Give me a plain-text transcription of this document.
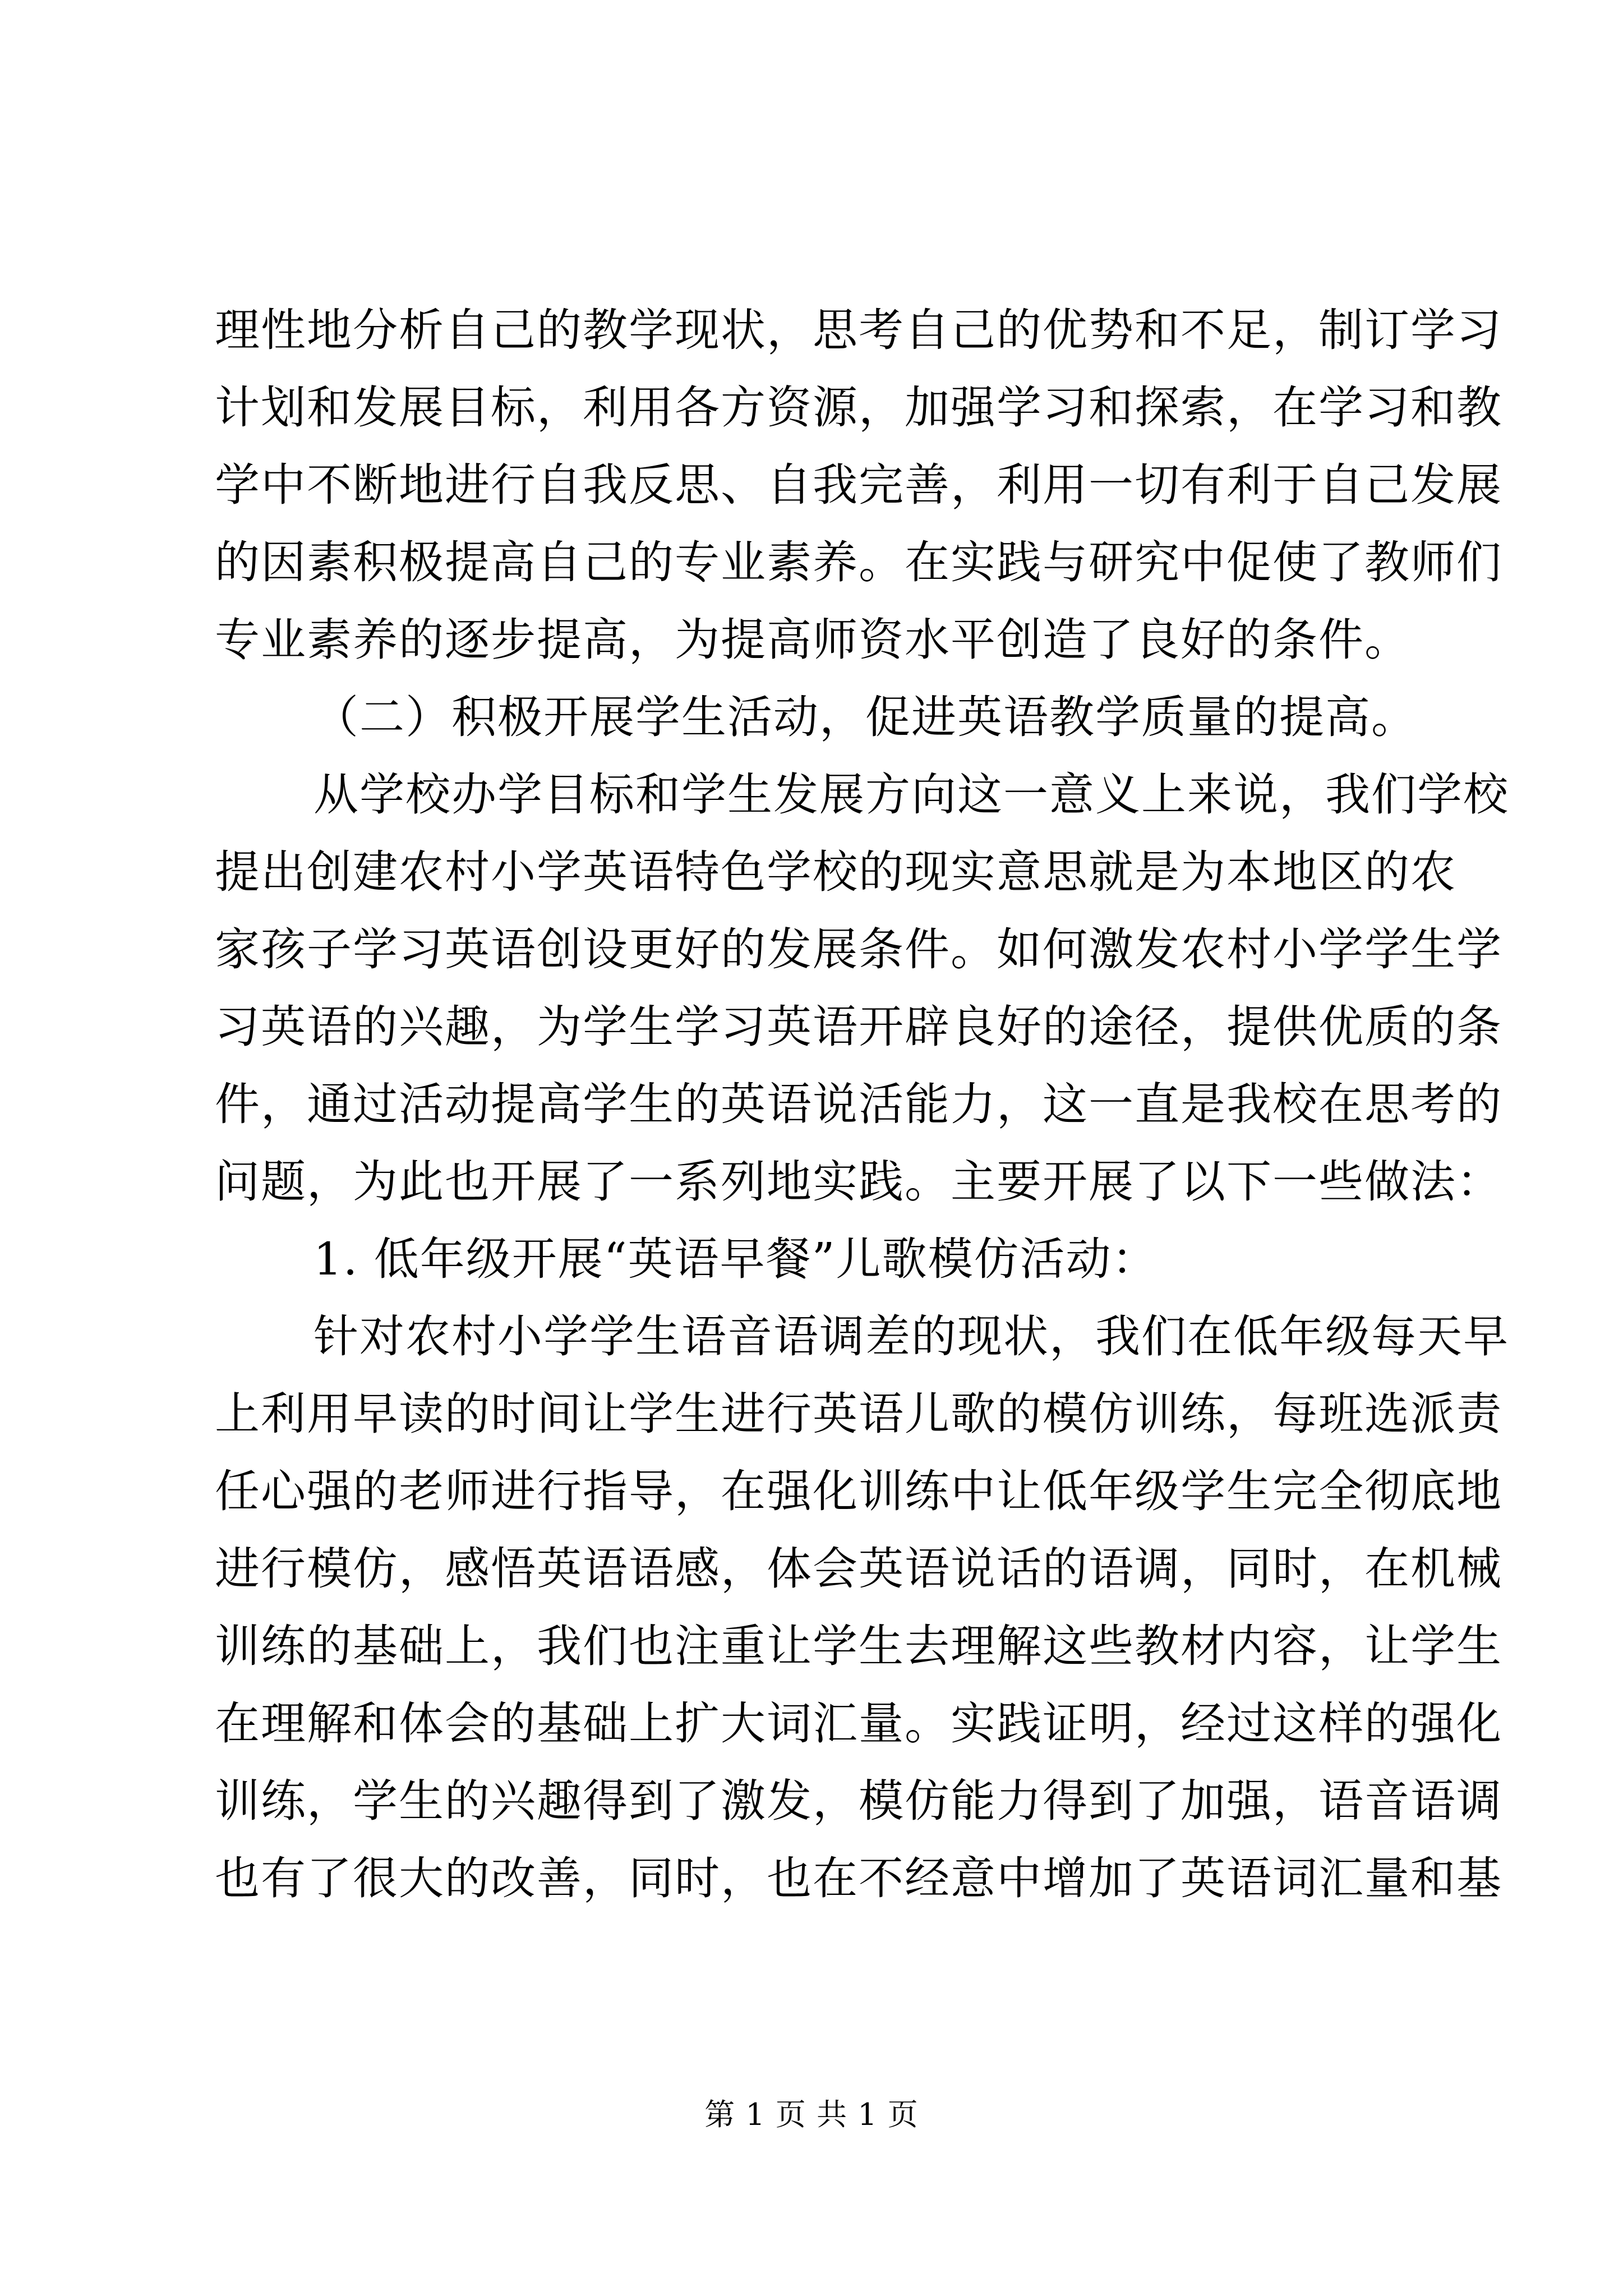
理性地分析自己的教学现状，思考自己的优势和不足，制订学习
计划和发展目标，利用各方资源，加强学习和探索，在学习和教
学中不断地进行自我反思、自我完善，利用一切有利于自己发展
的因素积极提高自己的专业素养。在实践与研究中促使了教师们
专业素养的逐步提高，为提高师资水平创造了良好的条件。
（二）积极开展学生活动，促进英语教学质量的提高。
从学校办学目标和学生发展方向这一意义上来说，我们学校
提出创建农村小学英语特色学校的现实意思就是为本地区的农
家孩子学习英语创设更好的发展条件。如何激发农村小学学生学
习英语的兴趣，为学生学习英语开辟良好的途径，提供优质的条
件，通过活动提高学生的英语说活能力，这一直是我校在思考的
问题，为此也开展了一系列地实践。主要开展了以下一些做法：
1. 低年级开展“英语早餐”儿歌模仿活动：
针对农村小学学生语音语调差的现状，我们在低年级每天早
上利用早读的时间让学生进行英语儿歌的模仿训练，每班选派责
任心强的老师进行指导，在强化训练中让低年级学生完全彻底地
进行模仿，感悟英语语感，体会英语说话的语调，同时，在机械
训练的基础上，我们也注重让学生去理解这些教材内容，让学生
在理解和体会的基础上扩大词汇量。实践证明，经过这样的强化
训练，学生的兴趣得到了激发，模仿能力得到了加强，语音语调
也有了很大的改善，同时，也在不经意中增加了英语词汇量和基
第 1 页 共 1 页
